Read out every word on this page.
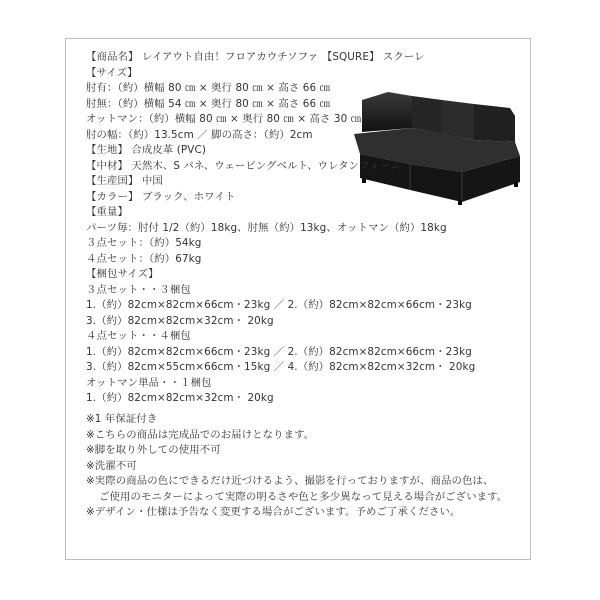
【商品名】 レイアウト自由！フロアカウチソファ 【SQURE】 スクーレ
【サイズ】
肘有：（約）横幅 80 ㎝ × 奥行 80 ㎝ × 高さ 66 ㎝
肘無：（約）横幅 54 ㎝ × 奥行 80 ㎝ × 高さ 66 ㎝
オットマン：（約）横幅 80 ㎝ × 奥行 80 ㎝ × 高さ 30 ㎝
肘の幅：（約）13.5cm ／ 脚の高さ：（約）2cm
【生地】 合成皮革 (PVC)
【中材】 天然木、S パネ、ウェービングベルト、ウレタンフォーム
【生産国】 中国
【カラー】 ブラック、ホワイト
【重量】
パーツ毎：肘付 1/2（約）18kg、肘無（約）13kg、オットマン（約）18kg
３点セット：（約）54kg
４点セット：（約）67kg
【梱包サイズ】
３点セット・・３梱包
1.（約）82cm×82cm×66cm・23kg ／ 2.（約）82cm×82cm×66cm・23kg
3.（約）82cm×82cm×32cm・ 20kg
４点セット・・４梱包
1.（約）82cm×82cm×66cm・23kg ／ 2.（約）82cm×82cm×66cm・23kg
3.（約）82cm×55cm×66cm・15kg ／ 4.（約）82cm×82cm×32cm・ 20kg
オットマン単品・・１梱包
1.（約）82cm×82cm×32cm・ 20kg
※1 年保証付き
※こちらの商品は完成品でのお届けとなります。
※脚を取り外しての使用不可
※洗濯不可
※実際の商品の色にできるだけ近づけるよう、撮影を行っておりますが、商品の色は、
ご使用のモニターによって実際の明るさや色と多少異なって見える場合がございます。
※デザイン・仕様は予告なく変更する場合がございます。予めご了承ください。
